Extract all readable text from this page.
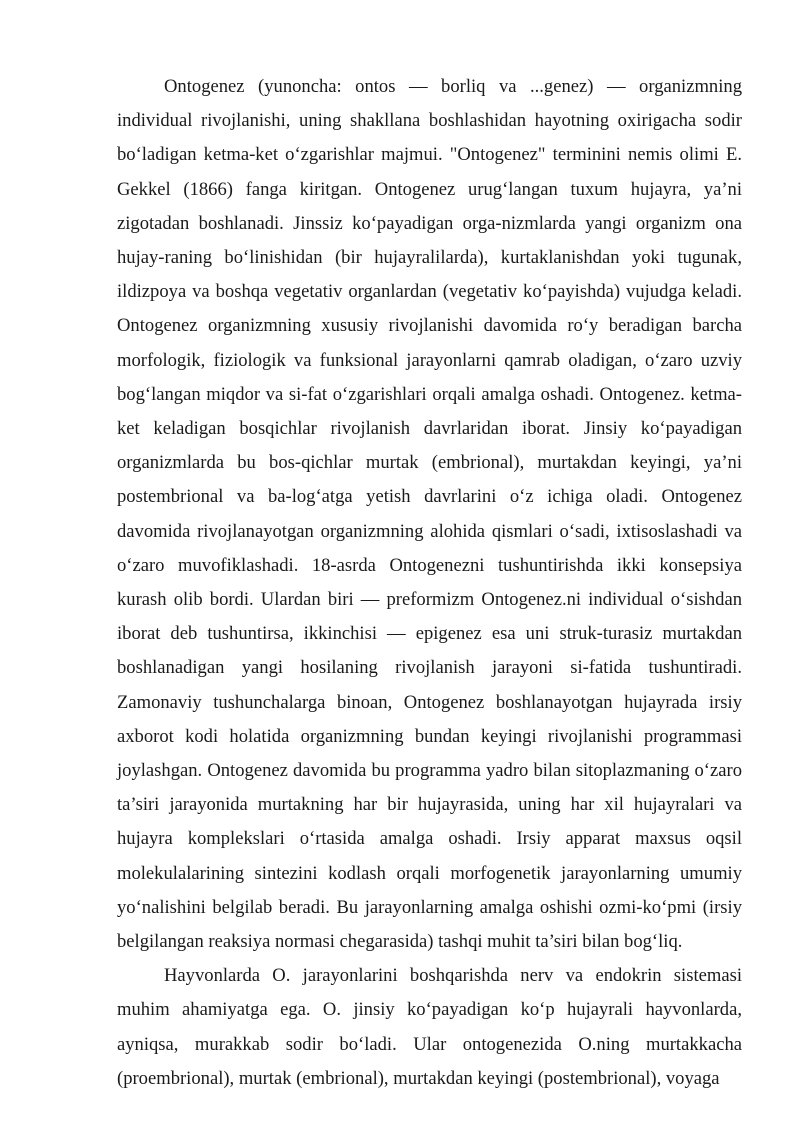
Ontogenez (yunoncha: ontos — borliq va ...genez) — organizmning individual rivojlanishi, uning shakllana boshlashidan hayotning oxirigacha sodir bo‘ladigan ketma-ket o‘zgarishlar majmui. "Ontogenez" terminini nemis olimi E. Gekkel (1866) fanga kiritgan. Ontogenez urug‘langan tuxum hujayra, ya’ni zigotadan boshlanadi. Jinssiz ko‘payadigan orga-nizmlarda yangi organizm ona hujay-raning bo‘linishidan (bir hujayralilarda), kurtaklanishdan yoki tugunak, ildizpoya va boshqa vegetativ organlardan (vegetativ ko‘payishda) vujudga keladi. Ontogenez organizmning xususiy rivojlanishi davomida ro‘y beradigan barcha morfologik, fiziologik va funksional jarayonlarni qamrab oladigan, o‘zaro uzviy bog‘langan miqdor va si-fat o‘zgarishlari orqali amalga oshadi. Ontogenez. ketma-ket keladigan bosqichlar rivojlanish davrlaridan iborat. Jinsiy ko‘payadigan organizmlarda bu bos-qichlar murtak (embrional), murtakdan keyingi, ya’ni postembrional va ba-log‘atga yetish davrlarini o‘z ichiga oladi. Ontogenez davomida rivojlanayotgan organizmning alohida qismlari o‘sadi, ixtisoslashadi va o‘zaro muvofiklashadi. 18-asrda Ontogenezni tushuntirishda ikki konsepsiya kurash olib bordi. Ulardan biri — preformizm Ontogenez.ni individual o‘sishdan iborat deb tushuntirsa, ikkinchisi — epigenez esa uni struk-turasiz murtakdan boshlanadigan yangi hosilaning rivojlanish jarayoni si-fatida tushuntiradi. Zamonaviy tushunchalarga binoan, Ontogenez boshlanayotgan hujayrada irsiy axborot kodi holatida organizmning bundan keyingi rivojlanishi programmasi joylashgan. Ontogenez davomida bu programma yadro bilan sitoplazmaning o‘zaro ta’siri jarayonida murtakning har bir hujayrasida, uning har xil hujayralari va hujayra komplekslari o‘rtasida amalga oshadi. Irsiy apparat maxsus oqsil molekulalarining sintezini kodlash orqali morfogenetik jarayonlarning umumiy yo‘nalishini belgilab beradi. Bu jarayonlarning amalga oshishi ozmi-ko‘pmi (irsiy belgilangan reaksiya normasi chegarasida) tashqi muhit ta’siri bilan bog‘liq.

Hayvonlarda O. jarayonlarini boshqarishda nerv va endokrin sistemasi muhim ahamiyatga ega. O. jinsiy ko‘payadigan ko‘p hujayrali hayvonlarda, ayniqsa, murakkab sodir bo‘ladi. Ular ontogenezida O.ning murtakkacha (proembrional), murtak (embrional), murtakdan keyingi (postembrional), voyaga
